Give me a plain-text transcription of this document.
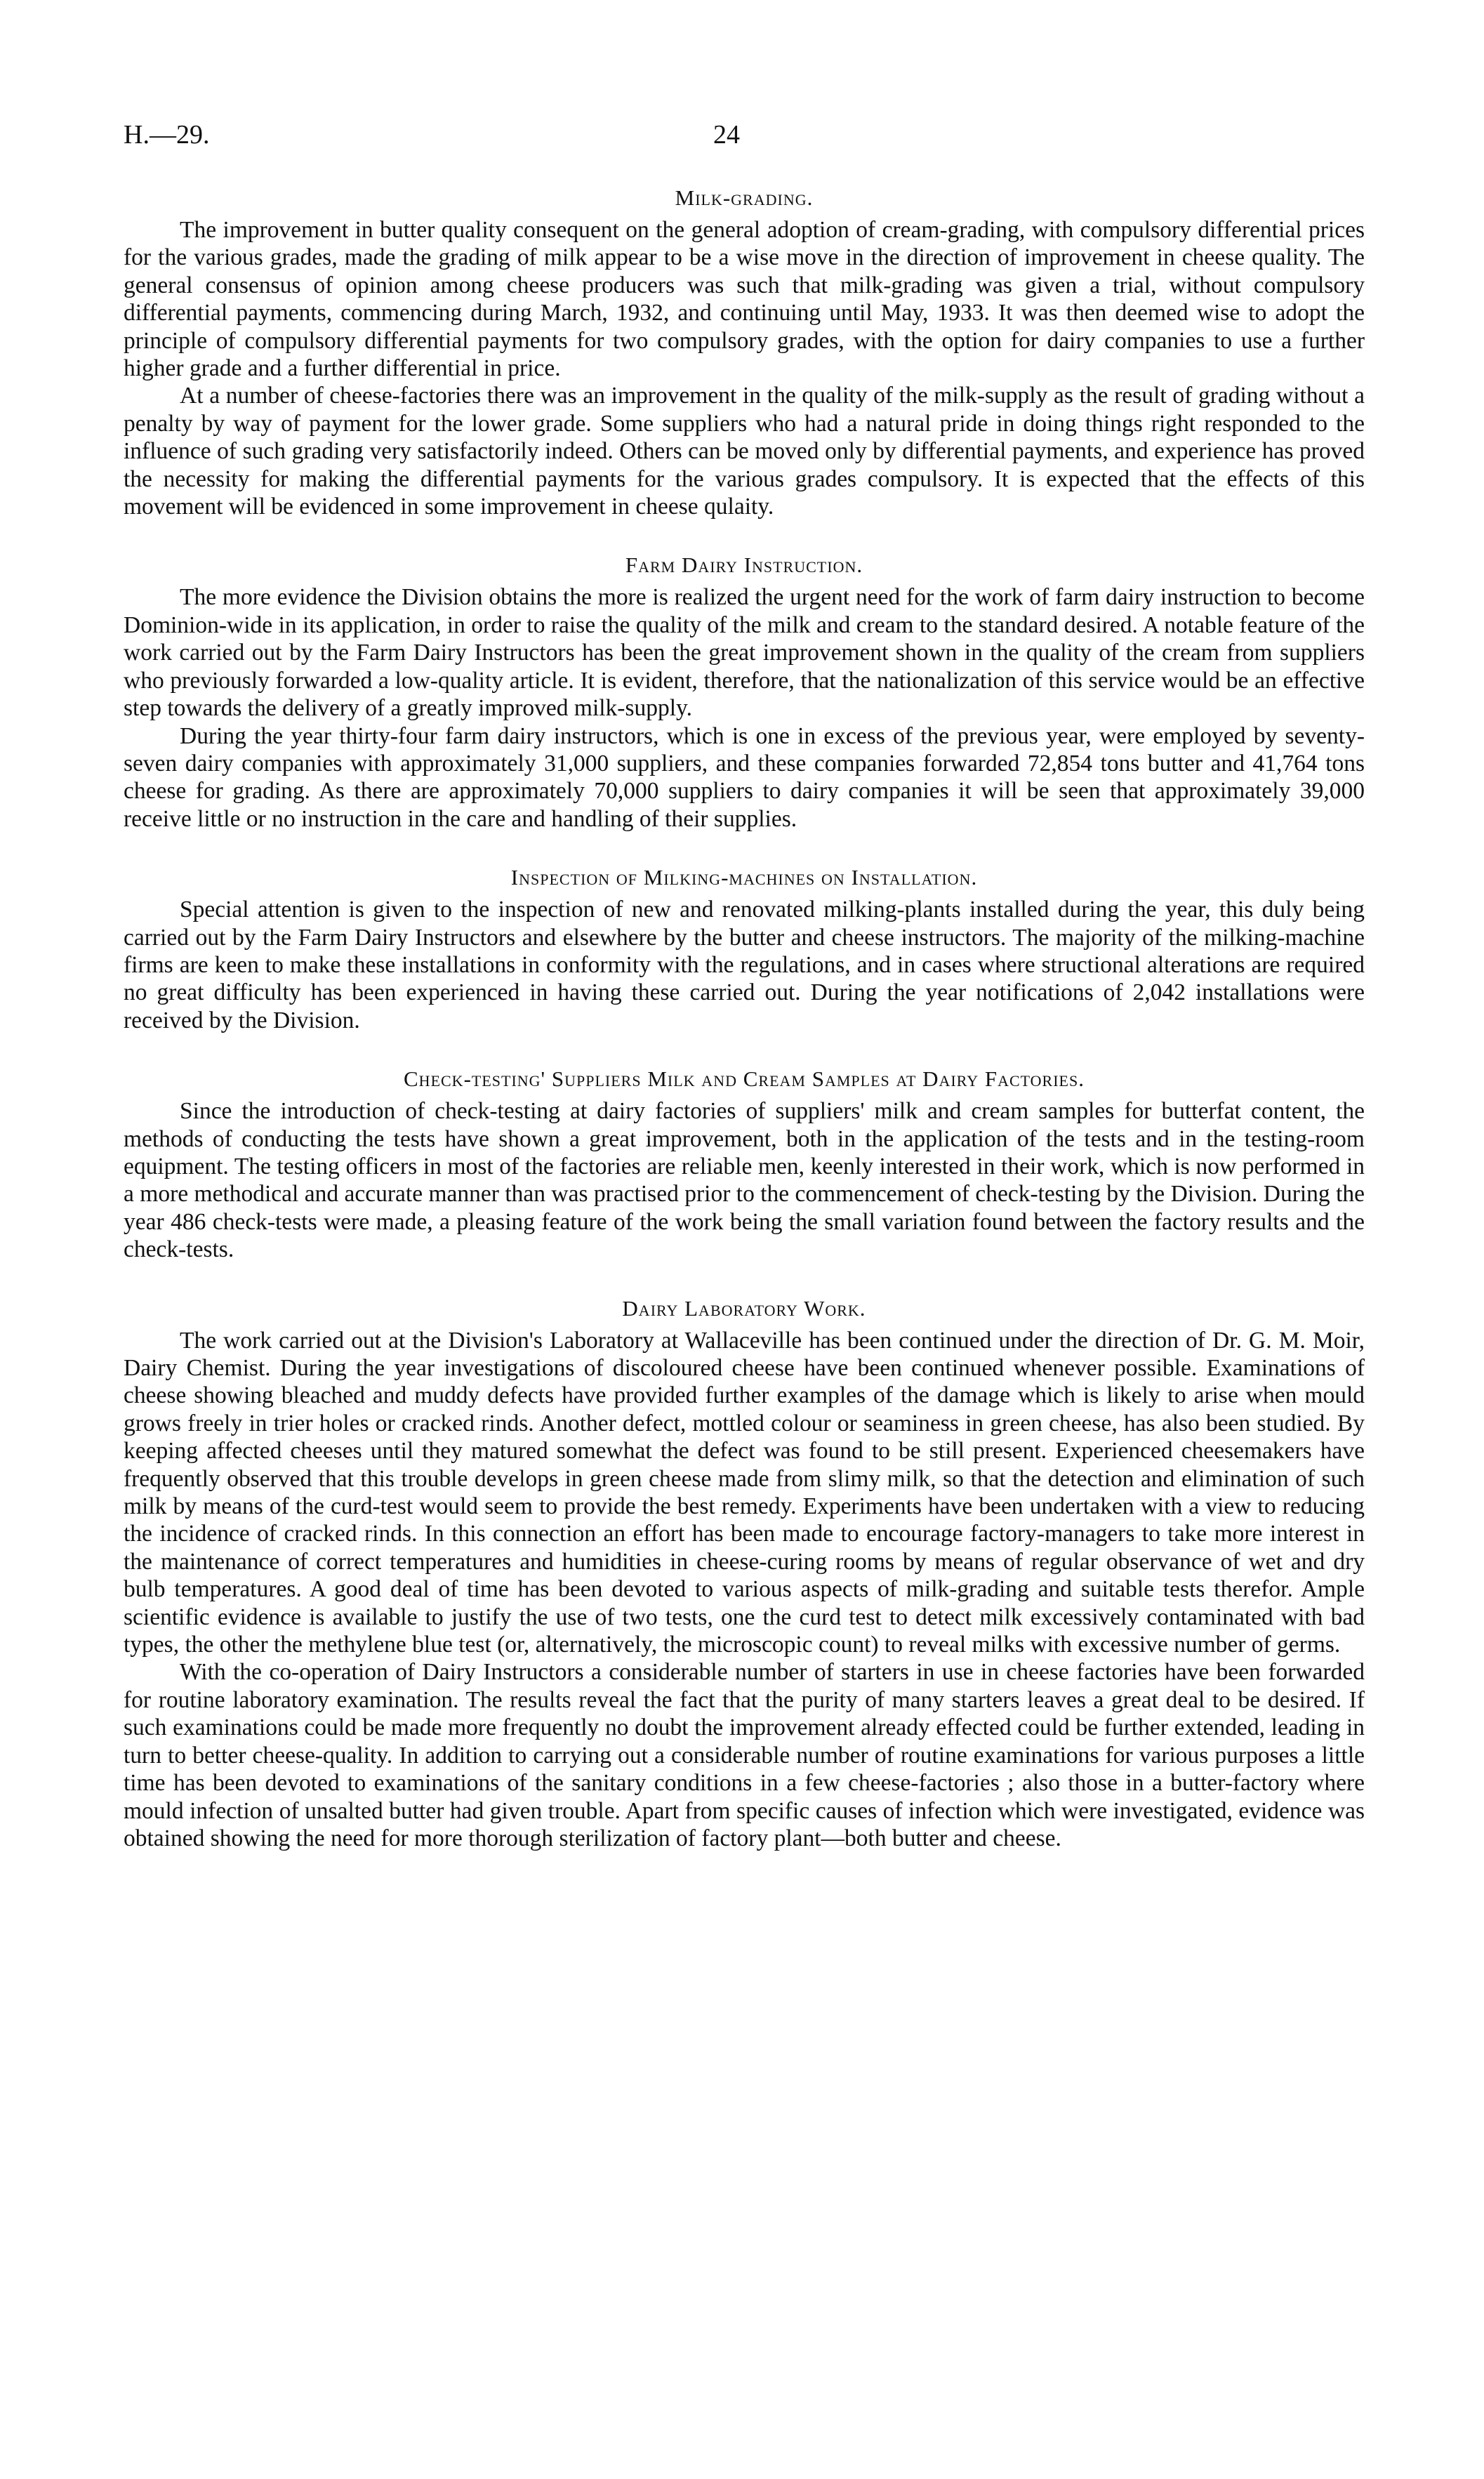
H.—29.	24
Milk-grading.

The improvement in butter quality consequent on the general adoption of cream-grading, with compulsory differential prices for the various grades, made the grading of milk appear to be a wise move in the direction of improvement in cheese quality. The general consensus of opinion among cheese producers was such that milk-grading was given a trial, without compulsory differential payments, commencing during March, 1932, and continuing until May, 1933. It was then deemed wise to adopt the principle of compulsory differential payments for two compulsory grades, with the option for dairy companies to use a further higher grade and a further differential in price.

At a number of cheese-factories there was an improvement in the quality of the milk-supply as the result of grading without a penalty by way of payment for the lower grade. Some suppliers who had a natural pride in doing things right responded to the influence of such grading very satisfactorily indeed. Others can be moved only by differential payments, and experience has proved the necessity for making the differential payments for the various grades compulsory. It is expected that the effects of this movement will be evidenced in some improvement in cheese qulaity.

Farm Dairy Instruction.

The more evidence the Division obtains the more is realized the urgent need for the work of farm dairy instruction to become Dominion-wide in its application, in order to raise the quality of the milk and cream to the standard desired. A notable feature of the work carried out by the Farm Dairy Instructors has been the great improvement shown in the quality of the cream from suppliers who previously forwarded a low-quality article. It is evident, therefore, that the nationalization of this service would be an effective step towards the delivery of a greatly improved milk-supply.

During the year thirty-four farm dairy instructors, which is one in excess of the previous year, were employed by seventy-seven dairy companies with approximately 31,000 suppliers, and these companies forwarded 72,854 tons butter and 41,764 tons cheese for grading. As there are approximately 70,000 suppliers to dairy companies it will be seen that approximately 39,000 receive little or no instruction in the care and handling of their supplies.

Inspection of Milking-machines on Installation.

Special attention is given to the inspection of new and renovated milking-plants installed during the year, this duly being carried out by the Farm Dairy Instructors and elsewhere by the butter and cheese instructors. The majority of the milking-machine firms are keen to make these installations in conformity with the regulations, and in cases where structional alterations are required no great difficulty has been experienced in having these carried out. During the year notifications of 2,042 installations were received by the Division.

Check-testing' Suppliers Milk and Cream Samples at Dairy Factories.

Since the introduction of check-testing at dairy factories of suppliers' milk and cream samples for butterfat content, the methods of conducting the tests have shown a great improvement, both in the application of the tests and in the testing-room equipment. The testing officers in most of the factories are reliable men, keenly interested in their work, which is now performed in a more methodical and accurate manner than was practised prior to the commencement of check-testing by the Division. During the year 486 check-tests were made, a pleasing feature of the work being the small variation found between the factory results and the check-tests.

Dairy Laboratory Work.

The work carried out at the Division's Laboratory at Wallaceville has been continued under the direction of Dr. G. M. Moir, Dairy Chemist. During the year investigations of discoloured cheese have been continued whenever possible. Examinations of cheese showing bleached and muddy defects have provided further examples of the damage which is likely to arise when mould grows freely in trier holes or cracked rinds. Another defect, mottled colour or seaminess in green cheese, has also been studied. By keeping affected cheeses until they matured somewhat the defect was found to be still present. Experienced cheesemakers have frequently observed that this trouble develops in green cheese made from slimy milk, so that the detection and elimination of such milk by means of the curd-test would seem to provide the best remedy. Experiments have been undertaken with a view to reducing the incidence of cracked rinds. In this connection an effort has been made to encourage factory-managers to take more interest in the maintenance of correct temperatures and humidities in cheese-curing rooms by means of regular observance of wet and dry bulb temperatures. A good deal of time has been devoted to various aspects of milk-grading and suitable tests therefor. Ample scientific evidence is available to justify the use of two tests, one the curd test to detect milk excessively contaminated with bad types, the other the methylene blue test (or, alternatively, the microscopic count) to reveal milks with excessive number of germs.

With the co-operation of Dairy Instructors a considerable number of starters in use in cheese factories have been forwarded for routine laboratory examination. The results reveal the fact that the purity of many starters leaves a great deal to be desired. If such examinations could be made more frequently no doubt the improvement already effected could be further extended, leading in turn to better cheese-quality. In addition to carrying out a considerable number of routine examinations for various purposes a little time has been devoted to examinations of the sanitary conditions in a few cheese-factories ; also those in a butter-factory where mould infection of unsalted butter had given trouble. Apart from specific causes of infection which were investigated, evidence was obtained showing the need for more thorough sterilization of factory plant—both butter and cheese.
